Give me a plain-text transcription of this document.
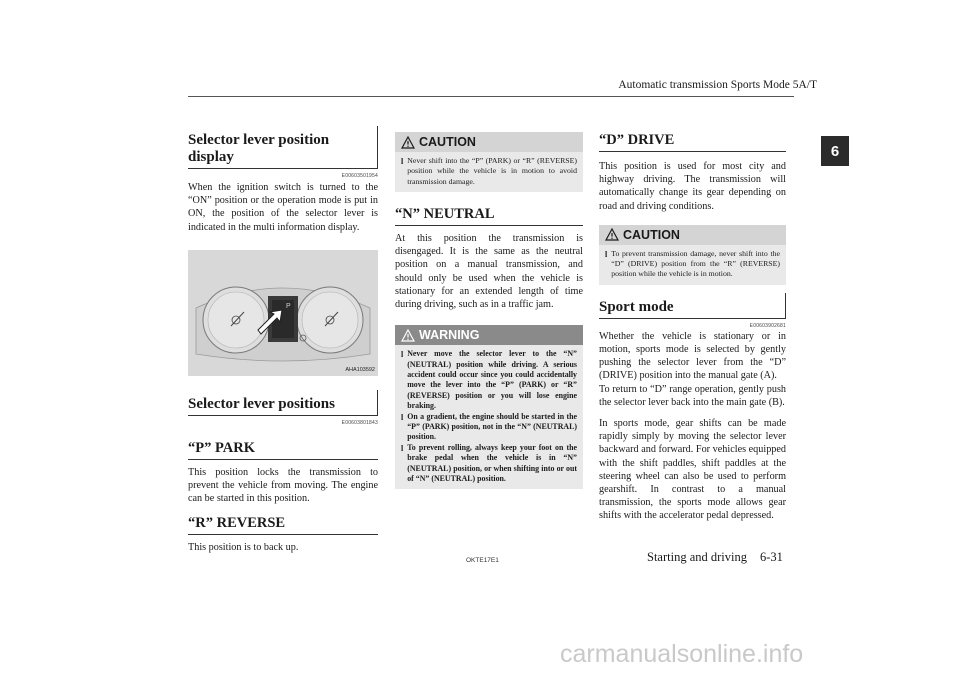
Automatic transmission Sports Mode 5A/T
6
Selector lever position display
E00603501954

When the ignition switch is turned to the “ON” position or the operation mode is put in ON, the position of the selector lever is indicated in the multi information display.

P
AHA103592
Selector lever positions
E00603801843
“P” PARK

This position locks the transmission to prevent the vehicle from moving. The engine can be started in this position.

“R” REVERSE

This position is to back up.

CAUTION
l Never shift into the “P” (PARK) or “R” (REVERSE) position while the vehicle is in motion to avoid transmission damage.
“N” NEUTRAL

At this position the transmission is disengaged. It is the same as the neutral position on a manual transmission, and should only be used when the vehicle is stationary for an extended length of time during driving, such as in a traffic jam.

WARNING
l Never move the selector lever to the “N” (NEUTRAL) position while driving. A serious accident could occur since you could accidentally move the lever into the “P” (PARK) or “R” (REVERSE) position or you will lose engine braking.
l On a gradient, the engine should be started in the “P” (PARK) position, not in the “N” (NEUTRAL) position.
l To prevent rolling, always keep your foot on the brake pedal when the vehicle is in “N” (NEUTRAL) position, or when shifting into or out of “N” (NEUTRAL) position.
“D” DRIVE

This position is used for most city and highway driving. The transmission will automatically change its gear depending on road and driving conditions.

CAUTION
l To prevent transmission damage, never shift into the “D” (DRIVE) position from the “R” (REVERSE) position while the vehicle is in motion.
Sport mode
E00603902681

Whether the vehicle is stationary or in motion, sports mode is selected by gently pushing the selector lever from the “D” (DRIVE) position into the manual gate (A).

To return to “D” range operation, gently push the selector lever back into the main gate (B).

In sports mode, gear shifts can be made rapidly simply by moving the selector lever backward and forward. For vehicles equipped with the shift paddles, shift paddles at the steering wheel can also be used to perform gearshift. In contrast to a manual transmission, the sports mode allows gear shifts with the accelerator pedal depressed.

OKTE17E1	Starting and driving 6-31
carmanualsonline.info
